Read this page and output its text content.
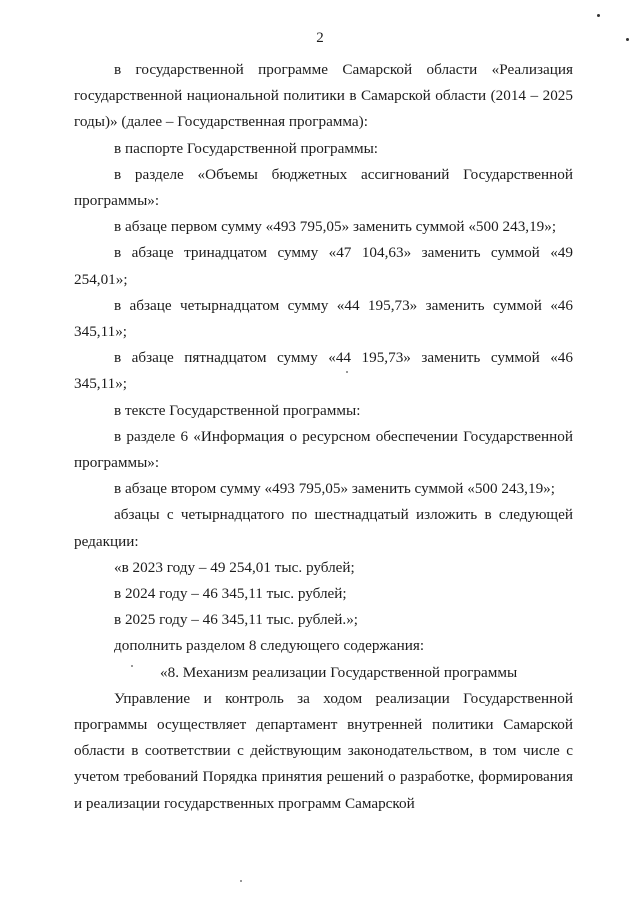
2

в государственной программе Самарской области «Реализация государственной национальной политики в Самарской области (2014 – 2025 годы)» (далее – Государственная программа):

в паспорте Государственной программы:

в разделе «Объемы бюджетных ассигнований Государственной программы»:

в абзаце первом сумму «493 795,05» заменить суммой «500 243,19»;

в абзаце тринадцатом сумму «47 104,63» заменить суммой «49 254,01»;

в абзаце четырнадцатом сумму «44 195,73» заменить суммой «46 345,11»;

в абзаце пятнадцатом сумму «44 195,73» заменить суммой «46 345,11»;

в тексте Государственной программы:

в разделе 6 «Информация о ресурсном обеспечении Государственной программы»:

в абзаце втором сумму «493 795,05» заменить суммой «500 243,19»;

абзацы с четырнадцатого по шестнадцатый изложить в следующей редакции:

«в 2023 году – 49 254,01 тыс. рублей;

в 2024 году – 46 345,11 тыс. рублей;

в 2025 году – 46 345,11 тыс. рублей.»;

дополнить разделом 8 следующего содержания:

«8. Механизм реализации Государственной программы

Управление и контроль за ходом реализации Государственной программы осуществляет департамент внутренней политики Самарской области в соответствии с действующим законодательством, в том числе с учетом требований Порядка принятия решений о разработке, формирования и реализации государственных программ Самарской
